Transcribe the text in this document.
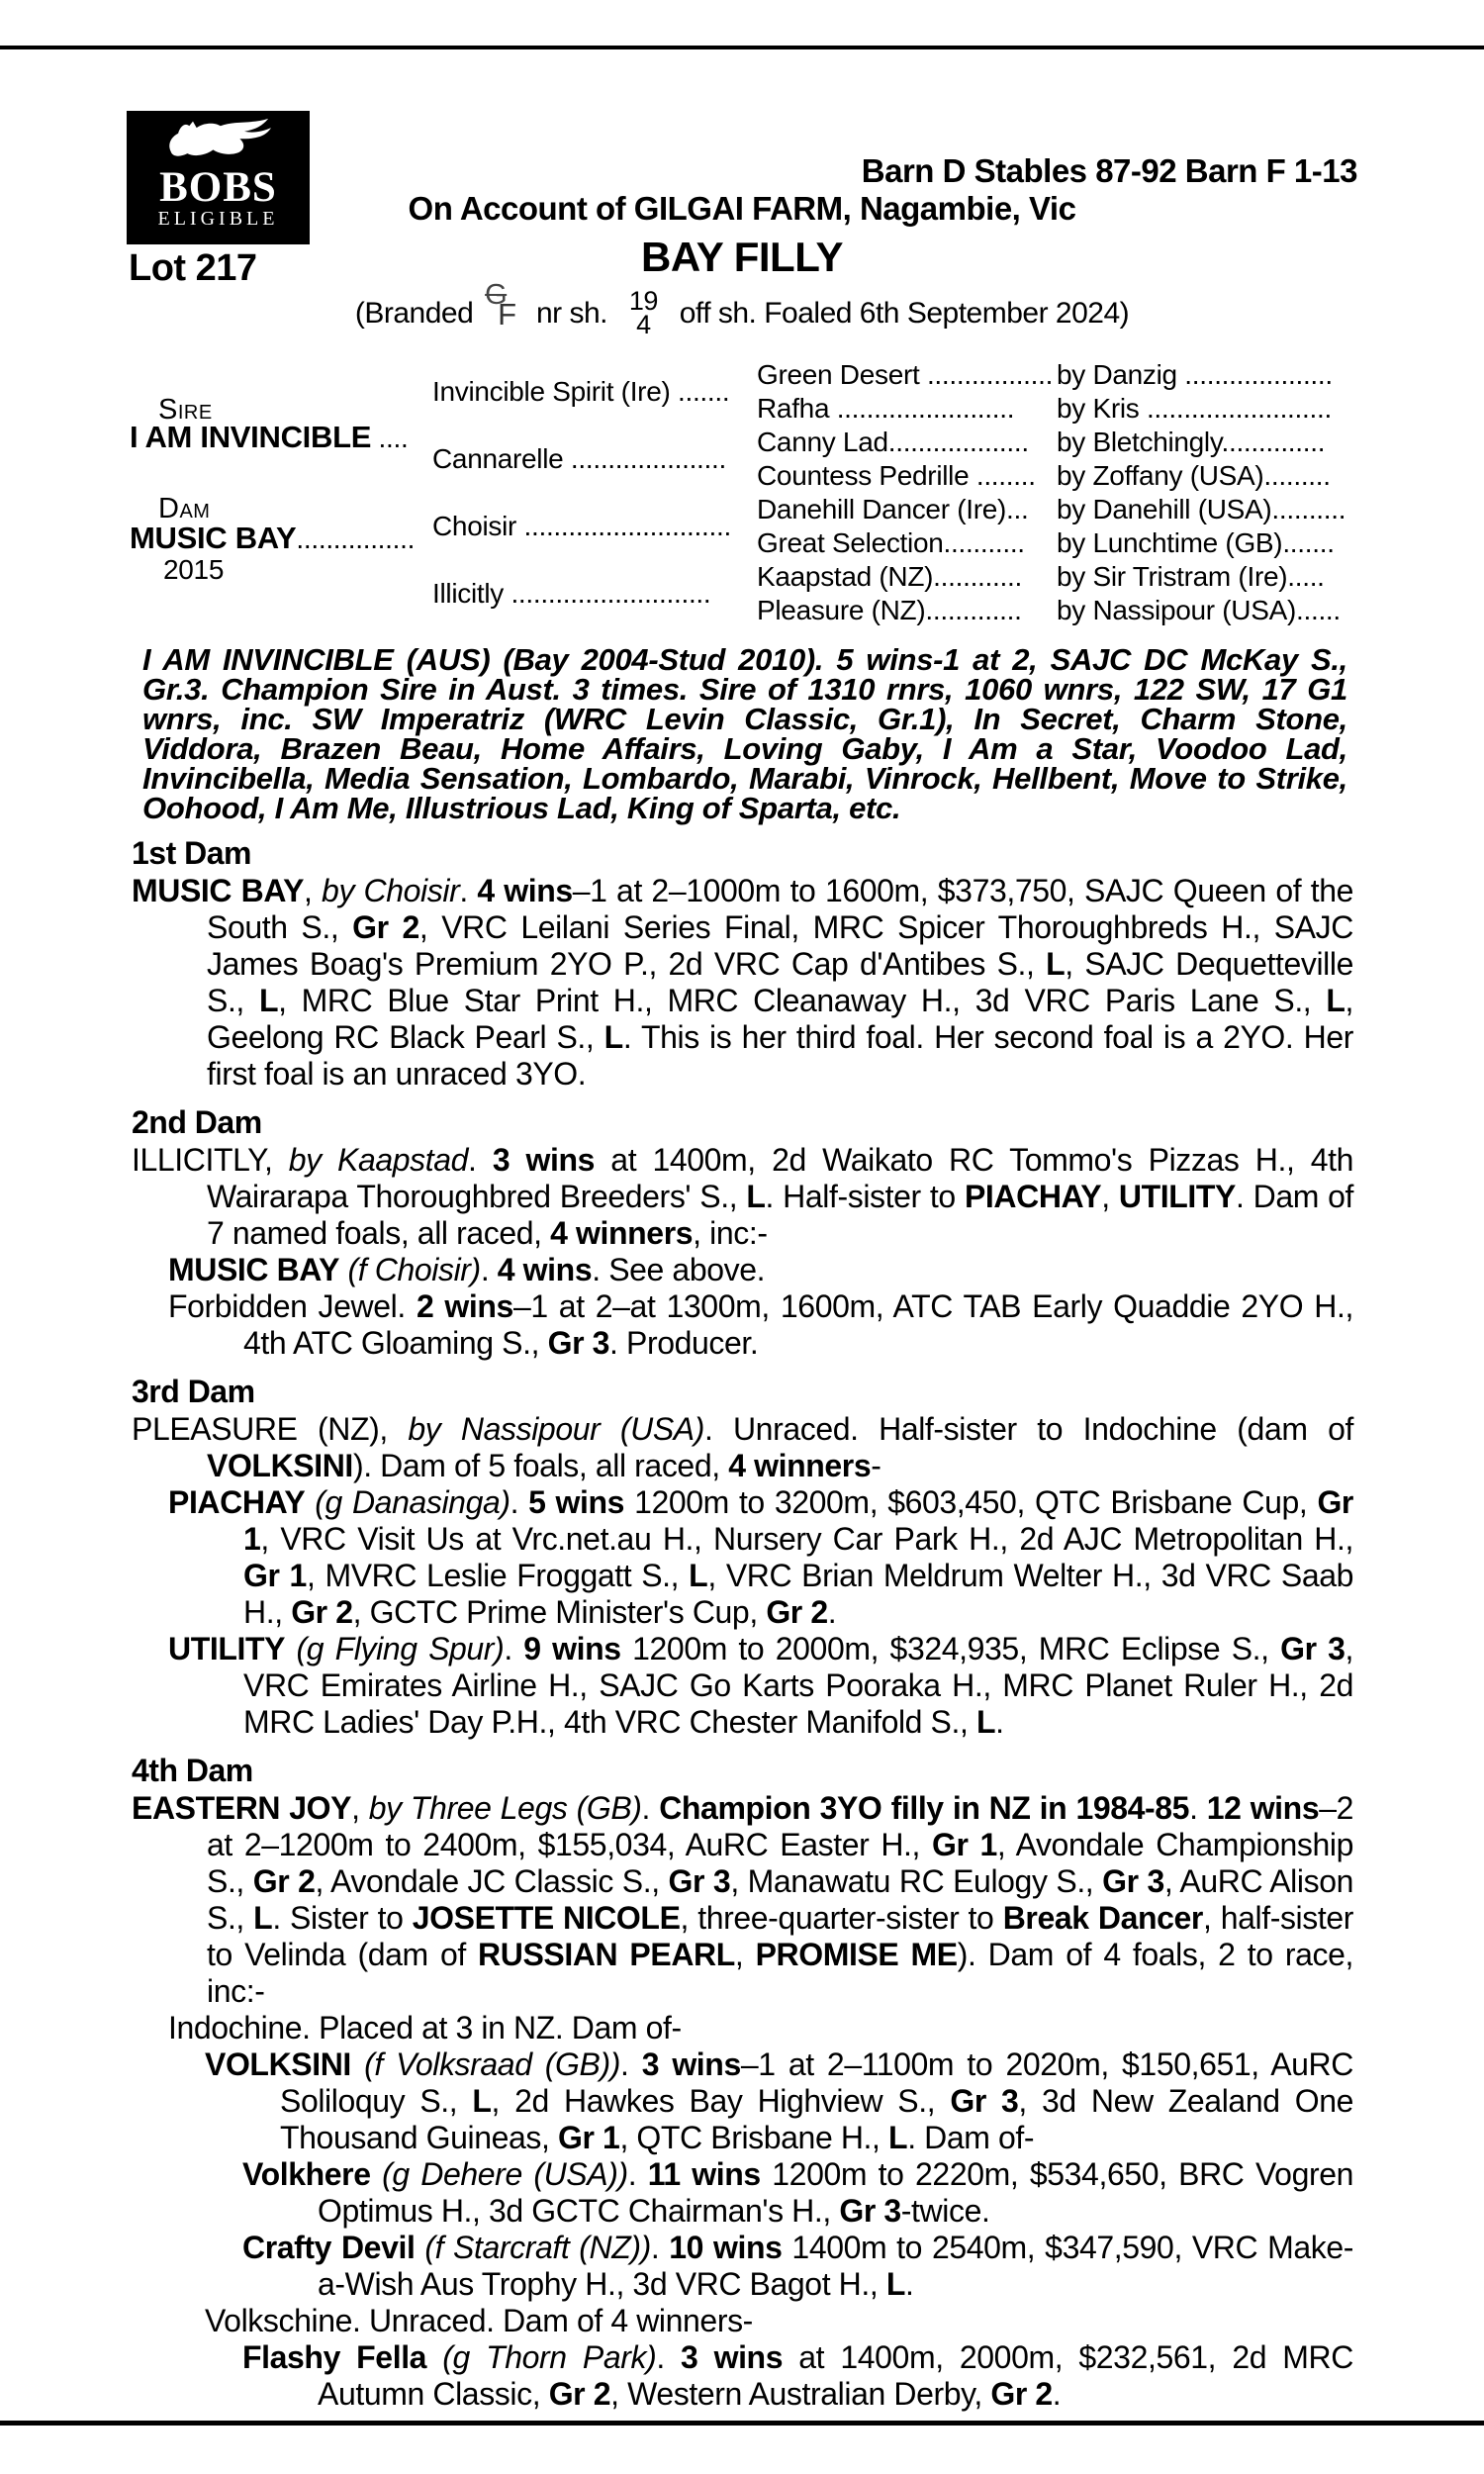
BOBS
ELIGIBLE
Lot 217
Barn D Stables 87-92 Barn F 1-13
On Account of GILGAI FARM, Nagambie, Vic
BAY FILLY
(Branded
G
F nr sh. 19
4 off sh. Foaled 6th September 2024)
Sire
I AM INVINCIBLE ....
Dam
MUSIC BAY................
2015
Invincible Spirit (Ire) .......
Cannarelle .....................
Choisir ............................
Illicitly ...........................
Green Desert .................
Rafha ........................
Canny Lad...................
Countess Pedrille ........
Danehill Dancer (Ire)...
Great Selection...........
Kaapstad (NZ)............
Pleasure (NZ).............
by Danzig ....................
by Kris .........................
by Bletchingly..............
by Zoffany (USA).........
by Danehill (USA)..........
by Lunchtime (GB).......
by Sir Tristram (Ire).....
by Nassipour (USA)......

I AM INVINCIBLE (AUS) (Bay 2004-Stud 2010). 5 wins-1 at 2, SAJC DC McKay S., Gr.3. Champion Sire in Aust. 3 times. Sire of 1310 rnrs, 1060 wnrs, 122 SW, 17 G1 wnrs, inc. SW Imperatriz (WRC Levin Classic, Gr.1), In Secret, Charm Stone, Viddora, Brazen Beau, Home Affairs, Loving Gaby, I Am a Star, Voodoo Lad, Invincibella, Media Sensation, Lombardo, Marabi, Vinrock, Hellbent, Move to Strike, Oohood, I Am Me, Illustrious Lad, King of Sparta, etc.

1st Dam

MUSIC BAY, by Choisir. 4 wins–1 at 2–1000m to 1600m, $373,750, SAJC Queen of the South S., Gr 2, VRC Leilani Series Final, MRC Spicer Thoroughbreds H., SAJC James Boag's Premium 2YO P., 2d VRC Cap d'Antibes S., L, SAJC Dequetteville S., L, MRC Blue Star Print H., MRC Cleanaway H., 3d VRC Paris Lane S., L, Geelong RC Black Pearl S., L. This is her third foal. Her second foal is a 2YO. Her first foal is an unraced 3YO.

2nd Dam

ILLICITLY, by Kaapstad. 3 wins at 1400m, 2d Waikato RC Tommo's Pizzas H., 4th Wairarapa Thoroughbred Breeders' S., L. Half-sister to PIACHAY, UTILITY. Dam of 7 named foals, all raced, 4 winners, inc:-

MUSIC BAY (f Choisir). 4 wins. See above.

Forbidden Jewel. 2 wins–1 at 2–at 1300m, 1600m, ATC TAB Early Quaddie 2YO H., 4th ATC Gloaming S., Gr 3. Producer.

3rd Dam

PLEASURE (NZ), by Nassipour (USA). Unraced. Half-sister to Indochine (dam of VOLKSINI). Dam of 5 foals, all raced, 4 winners-

PIACHAY (g Danasinga). 5 wins 1200m to 3200m, $603,450, QTC Brisbane Cup, Gr 1, VRC Visit Us at Vrc.net.au H., Nursery Car Park H., 2d AJC Metropolitan H., Gr 1, MVRC Leslie Froggatt S., L, VRC Brian Meldrum Welter H., 3d VRC Saab H., Gr 2, GCTC Prime Minister's Cup, Gr 2.

UTILITY (g Flying Spur). 9 wins 1200m to 2000m, $324,935, MRC Eclipse S., Gr 3, VRC Emirates Airline H., SAJC Go Karts Pooraka H., MRC Planet Ruler H., 2d MRC Ladies' Day P.H., 4th VRC Chester Manifold S., L.

4th Dam

EASTERN JOY, by Three Legs (GB). Champion 3YO filly in NZ in 1984-85. 12 wins–2 at 2–1200m to 2400m, $155,034, AuRC Easter H., Gr 1, Avondale Championship S., Gr 2, Avondale JC Classic S., Gr 3, Manawatu RC Eulogy S., Gr 3, AuRC Alison S., L. Sister to JOSETTE NICOLE, three-quarter-sister to Break Dancer, half-sister to Velinda (dam of RUSSIAN PEARL, PROMISE ME). Dam of 4 foals, 2 to race, inc:-

Indochine. Placed at 3 in NZ. Dam of-

VOLKSINI (f Volksraad (GB)). 3 wins–1 at 2–1100m to 2020m, $150,651, AuRC Soliloquy S., L, 2d Hawkes Bay Highview S., Gr 3, 3d New Zealand One Thousand Guineas, Gr 1, QTC Brisbane H., L. Dam of-

Volkhere (g Dehere (USA)). 11 wins 1200m to 2220m, $534,650, BRC Vogren Optimus H., 3d GCTC Chairman's H., Gr 3-twice.

Crafty Devil (f Starcraft (NZ)). 10 wins 1400m to 2540m, $347,590, VRC Make-a-Wish Aus Trophy H., 3d VRC Bagot H., L.

Volkschine. Unraced. Dam of 4 winners-

Flashy Fella (g Thorn Park). 3 wins at 1400m, 2000m, $232,561, 2d MRC Autumn Classic, Gr 2, Western Australian Derby, Gr 2.
